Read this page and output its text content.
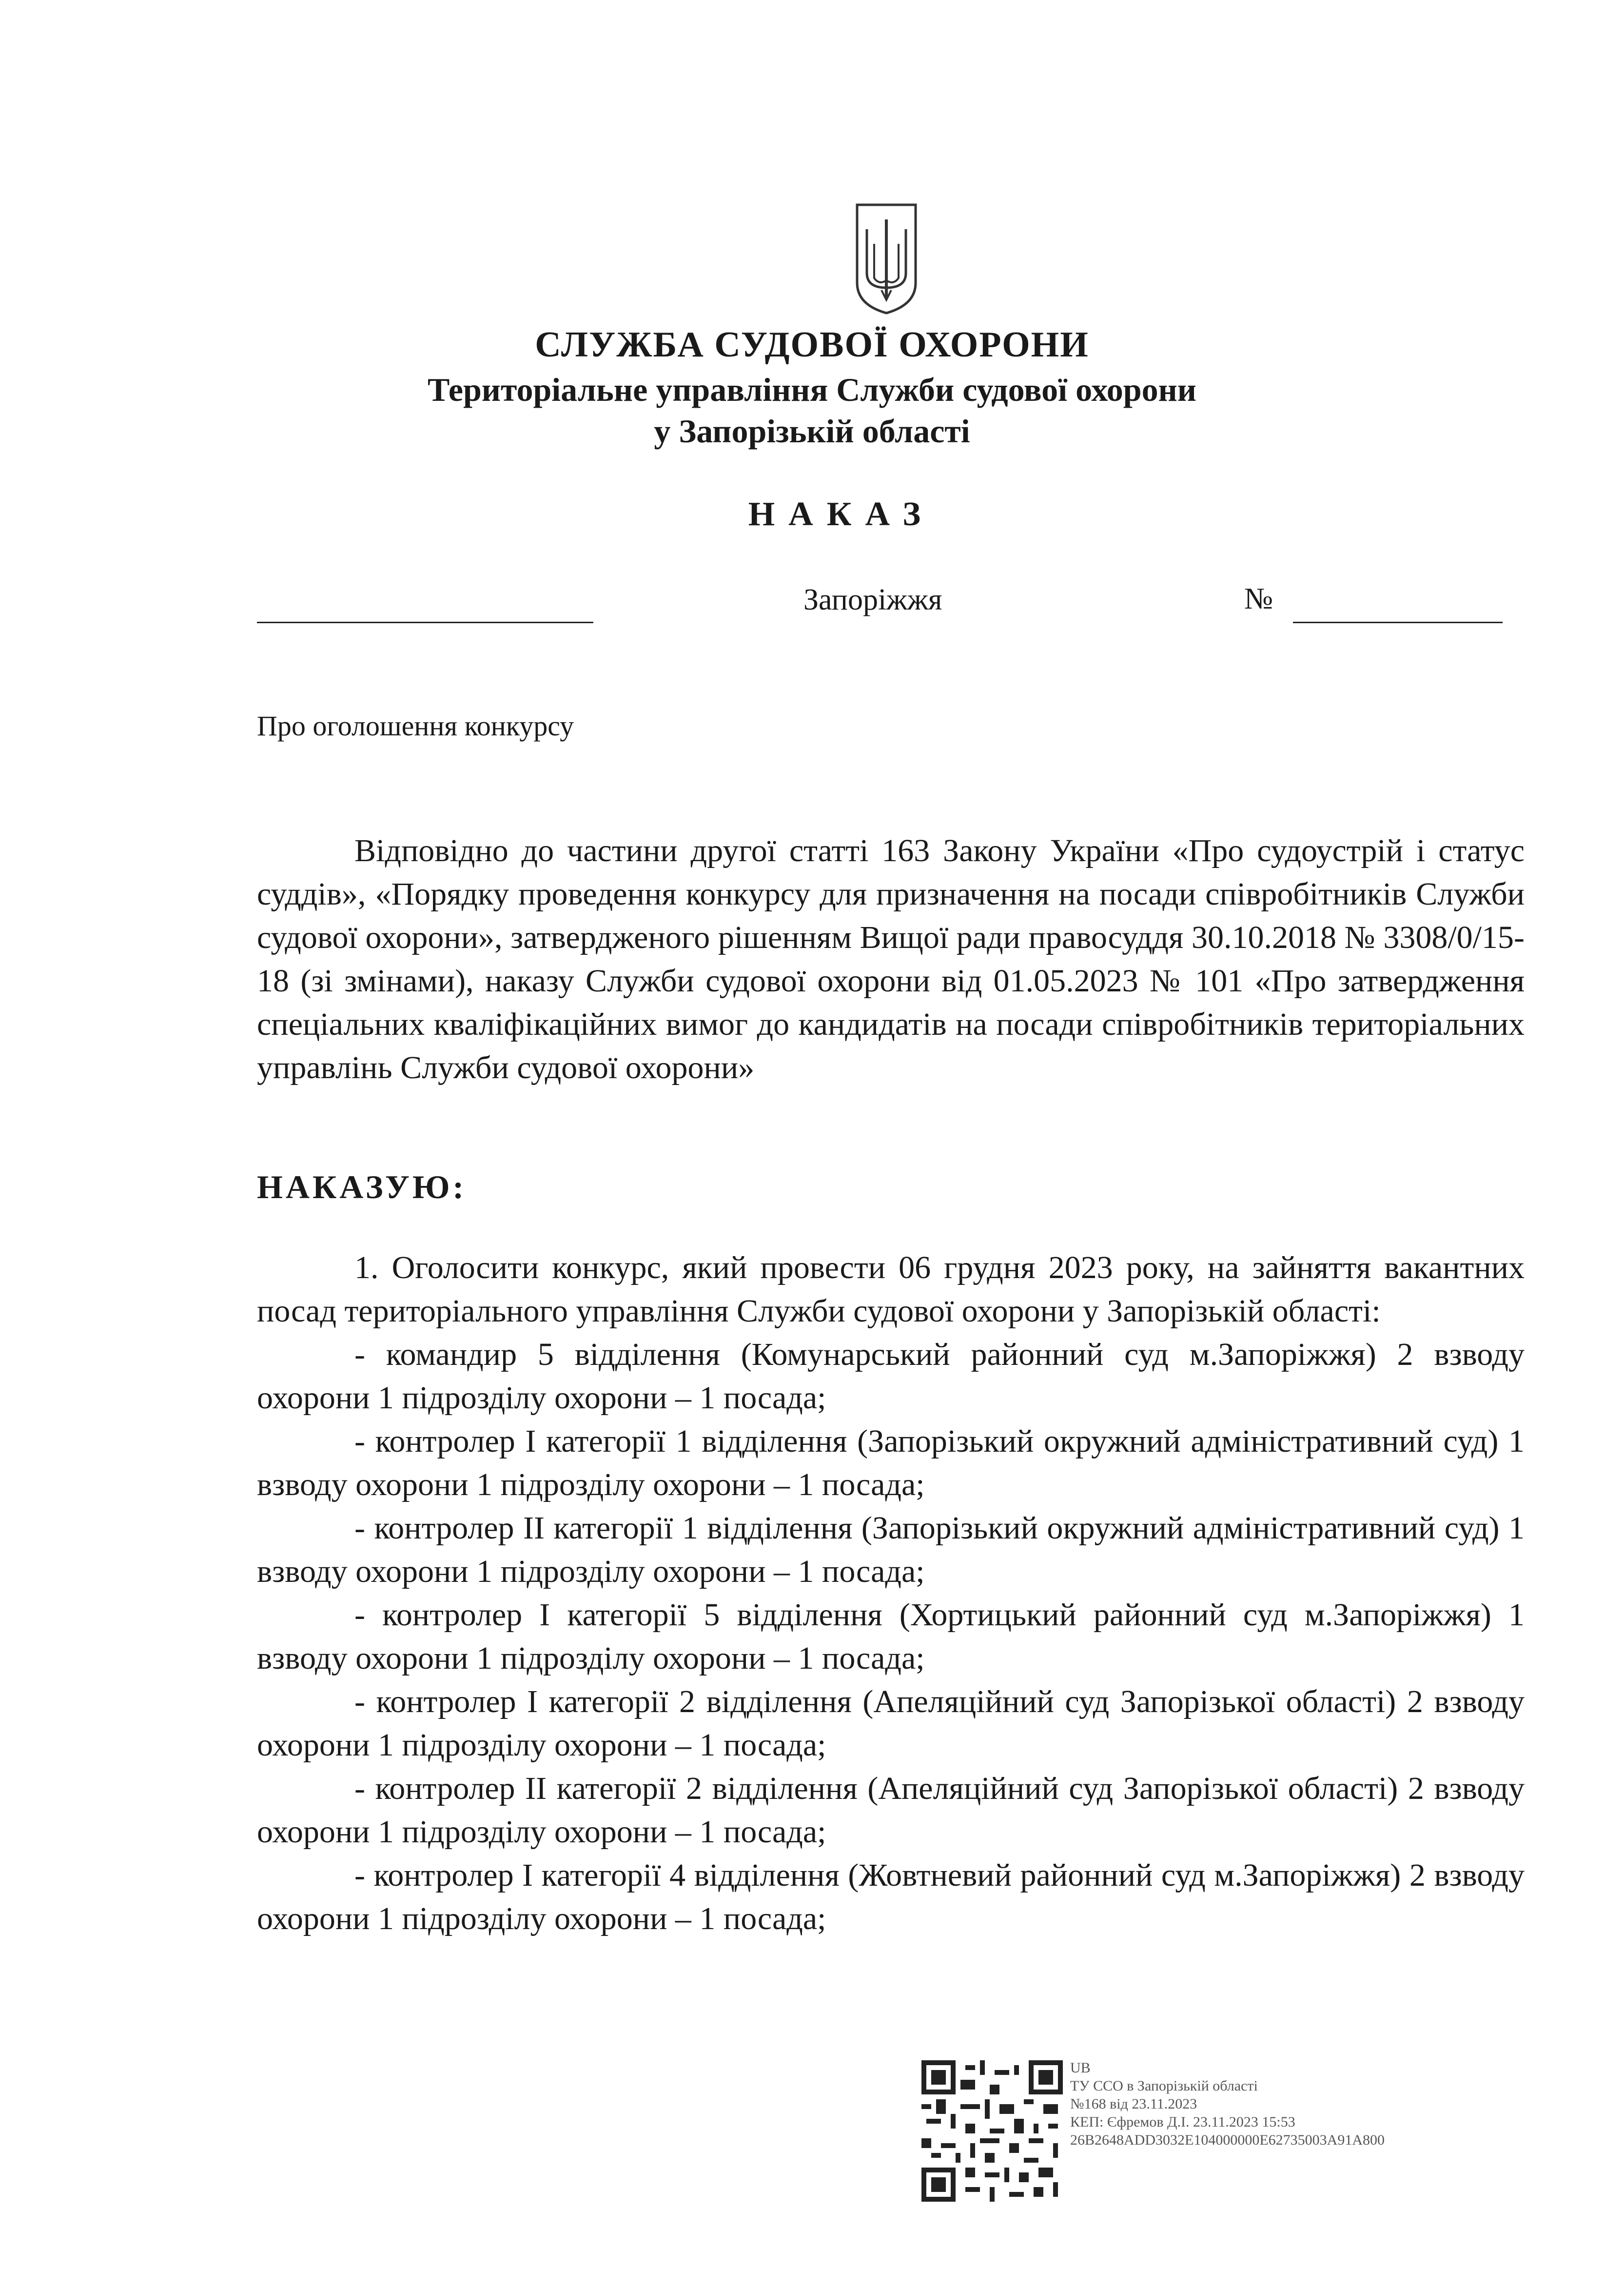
СЛУЖБА СУДОВОЇ ОХОРОНИ
Територіальне управління Служби судової охорони
у Запорізькій області
НАКАЗ
Запоріжжя	№
Про оголошення конкурсу
Відповідно до частини другої статті 163 Закону України «Про судоустрій і статус суддів», «Порядку проведення конкурсу для призначення на посади співробітників Служби судової охорони», затвердженого рішенням Вищої ради правосуддя 30.10.2018 № 3308/0/15-18 (зі змінами), наказу Служби судової охорони від 01.05.2023 № 101 «Про затвердження спеціальних кваліфікаційних вимог до кандидатів на посади співробітників територіальних управлінь Служби судової охорони»
НАКАЗУЮ:

1. Оголосити конкурс, який провести 06 грудня 2023 року, на зайняття вакантних посад територіального управління Служби судової охорони у Запорізькій області:

- командир 5 відділення (Комунарський районний суд м.Запоріжжя) 2 взводу охорони 1 підрозділу охорони – 1 посада;

- контролер І категорії 1 відділення (Запорізький окружний адміністративний суд) 1 взводу охорони 1 підрозділу охорони – 1 посада;

- контролер ІІ категорії 1 відділення (Запорізький окружний адміністративний суд) 1 взводу охорони 1 підрозділу охорони – 1 посада;

- контролер І категорії 5 відділення (Хортицький районний суд м.Запоріжжя) 1 взводу охорони 1 підрозділу охорони – 1 посада;

- контролер І категорії 2 відділення (Апеляційний суд Запорізької області) 2 взводу охорони 1 підрозділу охорони – 1 посада;

- контролер ІІ категорії 2 відділення (Апеляційний суд Запорізької області) 2 взводу охорони 1 підрозділу охорони – 1 посада;

- контролер І категорії 4 відділення (Жовтневий районний суд м.Запоріжжя) 2 взводу охорони 1 підрозділу охорони – 1 посада;

UB
ТУ ССО в Запорізькій області
№168 від 23.11.2023
КЕП: Єфремов Д.І. 23.11.2023 15:53
26B2648ADD3032E104000000E62735003A91A800
